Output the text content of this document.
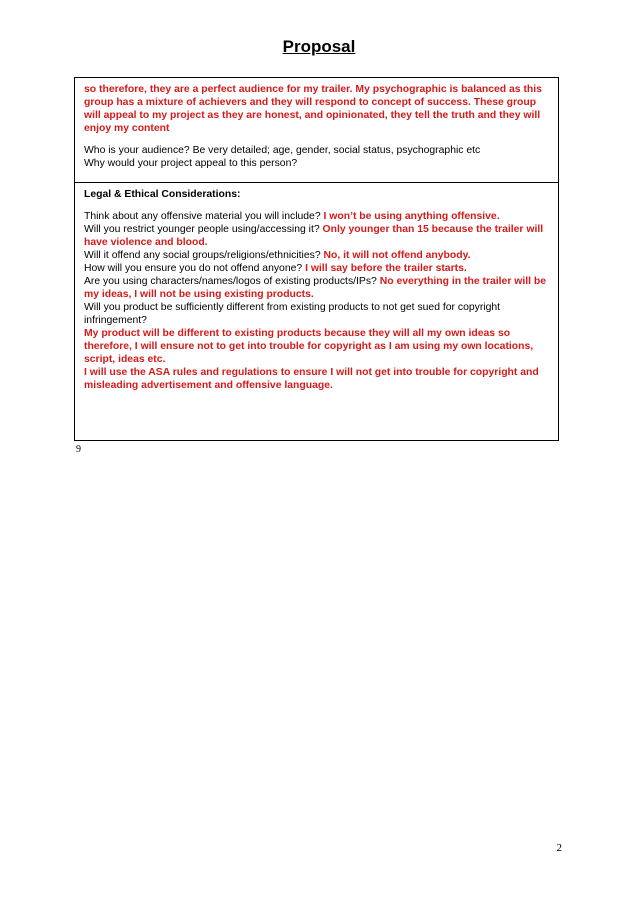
Proposal
so therefore, they are a perfect audience for my trailer. My psychographic is balanced as this group has a mixture of achievers and they will respond to concept of success. These group will appeal to my project as they are honest, and opinionated, they tell the truth and they will enjoy my content
Who is your audience? Be very detailed; age, gender, social status, psychographic etc
Why would your project appeal to this person?
Legal & Ethical Considerations:
Think about any offensive material you will include? I won’t be using anything offensive.
Will you restrict younger people using/accessing it? Only younger than 15 because the trailer will have violence and blood.
Will it offend any social groups/religions/ethnicities? No, it will not offend anybody.
How will you ensure you do not offend anyone? I will say before the trailer starts.
Are you using characters/names/logos of existing products/IPs? No everything in the trailer will be my ideas, I will not be using existing products.
Will you product be sufficiently different from existing products to not get sued for copyright infringement?
My product will be different to existing products because they will all my own ideas so therefore, I will ensure not to get into trouble for copyright as I am using my own locations, script, ideas etc.
I will use the ASA rules and regulations to ensure I will not get into trouble for copyright and misleading advertisement and offensive language.
9
2
